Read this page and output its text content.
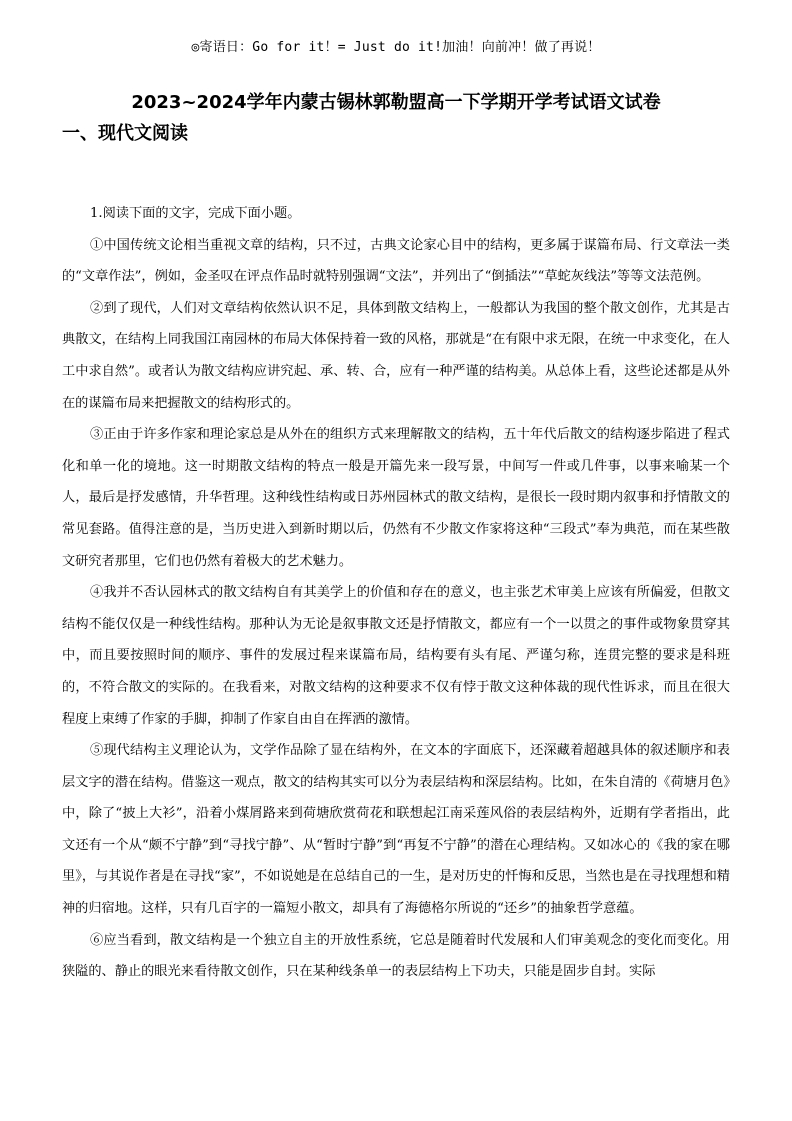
◎寄语日：Go for it！= Just do it!加油！向前冲！做了再说！
2023~2024学年内蒙古锡林郭勒盟高一下学期开学考试语文试卷
一、现代文阅读

1.阅读下面的文字，完成下面小题。

①中国传统文论相当重视文章的结构，只不过，古典文论家心目中的结构，更多属于谋篇布局、行文章法一类的“文章作法”，例如，金圣叹在评点作品时就特别强调“文法”，并列出了“倒插法”“草蛇灰线法”等等文法范例。

②到了现代，人们对文章结构依然认识不足，具体到散文结构上，一般都认为我国的整个散文创作，尤其是古典散文，在结构上同我国江南园林的布局大体保持着一致的风格，那就是“在有限中求无限，在统一中求变化，在人工中求自然”。或者认为散文结构应讲究起、承、转、合，应有一种严谨的结构美。从总体上看，这些论述都是从外在的谋篇布局来把握散文的结构形式的。

③正由于许多作家和理论家总是从外在的组织方式来理解散文的结构，五十年代后散文的结构逐步陷进了程式化和单一化的境地。这一时期散文结构的特点一般是开篇先来一段写景，中间写一件或几件事，以事来喻某一个人，最后是抒发感情，升华哲理。这种线性结构或日苏州园林式的散文结构，是很长一段时期内叙事和抒情散文的常见套路。值得注意的是，当历史进入到新时期以后，仍然有不少散文作家将这种“三段式”奉为典范，而在某些散文研究者那里，它们也仍然有着极大的艺术魅力。

④我并不否认园林式的散文结构自有其美学上的价值和存在的意义，也主张艺术审美上应该有所偏爱，但散文结构不能仅仅是一种线性结构。那种认为无论是叙事散文还是抒情散文，都应有一个一以贯之的事件或物象贯穿其中，而且要按照时间的顺序、事件的发展过程来谋篇布局，结构要有头有尾、严谨匀称，连贯完整的要求是科班的，不符合散文的实际的。在我看来，对散文结构的这种要求不仅有悖于散文这种体裁的现代性诉求，而且在很大程度上束缚了作家的手脚，抑制了作家自由自在挥洒的激情。

⑤现代结构主义理论认为，文学作品除了显在结构外，在文本的字面底下，还深藏着超越具体的叙述顺序和表层文字的潜在结构。借鉴这一观点，散文的结构其实可以分为表层结构和深层结构。比如，在朱自清的《荷塘月色》中，除了“披上大衫”，沿着小煤屑路来到荷塘欣赏荷花和联想起江南采莲风俗的表层结构外，近期有学者指出，此文还有一个从“颇不宁静”到“寻找宁静”、从“暂时宁静”到“再复不宁静”的潜在心理结构。又如冰心的《我的家在哪里》，与其说作者是在寻找“家”，不如说她是在总结自己的一生，是对历史的忏悔和反思，当然也是在寻找理想和精神的归宿地。这样，只有几百字的一篇短小散文，却具有了海德格尔所说的“还乡”的抽象哲学意蕴。

⑥应当看到，散文结构是一个独立自主的开放性系统，它总是随着时代发展和人们审美观念的变化而变化。用狭隘的、静止的眼光来看待散文创作，只在某种线条单一的表层结构上下功夫，只能是固步自封。实际
